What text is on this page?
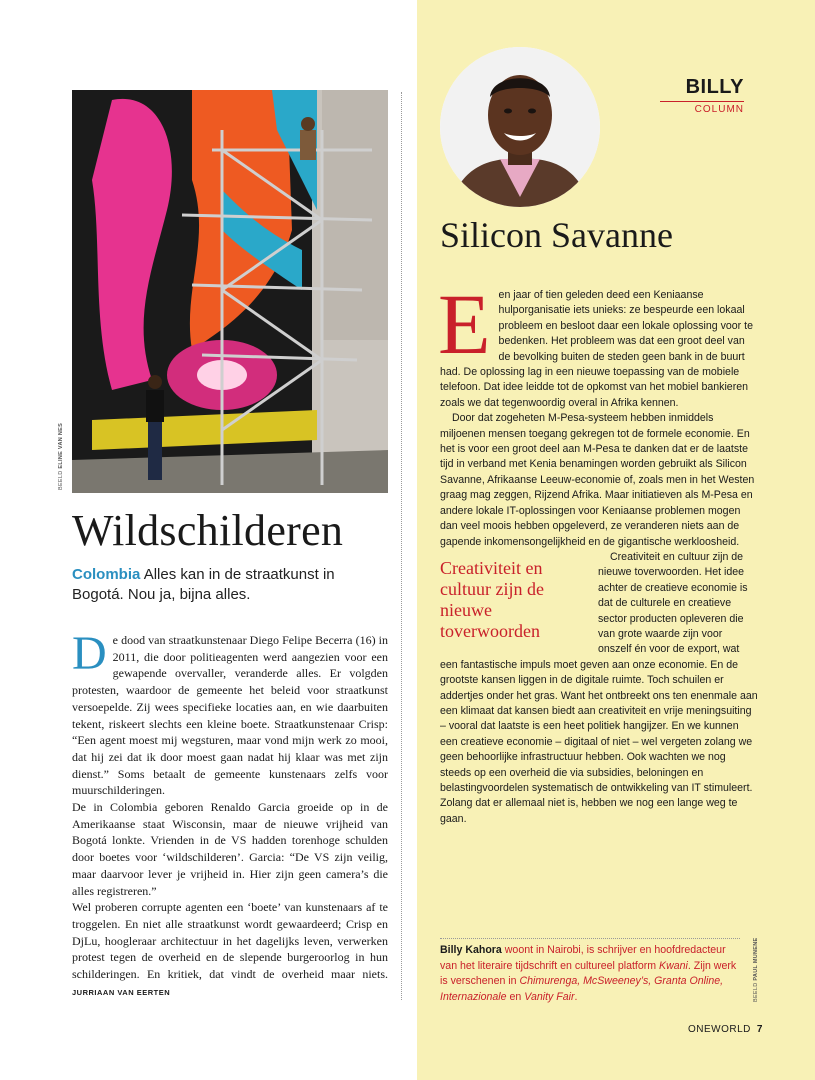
BEELD ELINE VAN NES
Wildschilderen
Colombia Alles kan in de straatkunst in Bogotá. Nou ja, bijna alles.

De dood van straatkunstenaar Diego Felipe Becerra (16) in 2011, die door politieagenten werd aangezien voor een gewapende overvaller, veranderde alles. Er volgden protesten, waardoor de gemeente het beleid voor straatkunst versoepelde. Zij wees specifieke locaties aan, en wie daarbuiten tekent, riskeert slechts een kleine boete. Straatkunstenaar Crisp: “Een agent moest mij wegsturen, maar vond mijn werk zo mooi, dat hij zei dat ik door moest gaan nadat hij klaar was met zijn dienst.” Soms betaalt de gemeente kunstenaars zelfs voor muurschilderingen.

De in Colombia geboren Renaldo Garcia groeide op in de Amerikaanse staat Wisconsin, maar de nieuwe vrijheid van Bogotá lonkte. Vrienden in de VS hadden torenhoge schulden door boetes voor ‘wildschilderen’. Garcia: “De VS zijn veilig, maar daarvoor lever je vrijheid in. Hier zijn geen camera’s die alles registreren.”

Wel proberen corrupte agenten een ‘boete’ van kunstenaars af te troggelen. En niet alle straatkunst wordt gewaardeerd; Crisp en DjLu, hoogleraar architectuur in het dagelijks leven, verwerken protest tegen de overheid en de slepende burgeroorlog in hun schilderingen. En kritiek, dat vindt de overheid maar niets. JURRIAAN VAN EERTEN

BILLY
COLUMN
Silicon Savanne

Een jaar of tien geleden deed een Keniaanse hulporganisatie iets unieks: ze bespeurde een lokaal probleem en besloot daar een lokale oplossing voor te bedenken. Het probleem was dat een groot deel van de bevolking buiten de steden geen bank in de buurt had. De oplossing lag in een nieuwe toepassing van de mobiele telefoon. Dat idee leidde tot de opkomst van het mobiel bankieren zoals we dat tegenwoordig overal in Afrika kennen.

Door dat zogeheten M-Pesa-systeem hebben inmiddels miljoenen mensen toegang gekregen tot de formele economie. En het is voor een groot deel aan M-Pesa te danken dat er de laatste tijd in verband met Kenia benamingen worden gebruikt als Silicon Savanne, Afrikaanse Leeuw-economie of, zoals men in het Westen graag mag zeggen, Rijzend Afrika. Maar initiatieven als M-Pesa en andere lokale IT-oplossingen voor Keniaanse problemen mogen dan veel moois hebben opgeleverd, ze veranderen niets aan de gapende inkomensongelijkheid en de gigantische werkloosheid.

Creativiteit en cultuur zijn de nieuwe toverwoorden
Creativiteit en cultuur zijn de nieuwe toverwoorden. Het idee achter de creatieve economie is dat de culturele en creatieve sector producten opleveren die van grote waarde zijn voor onszelf én voor de export, wat een fantastische impuls moet geven aan onze economie. En de grootste kansen liggen in de digitale ruimte. Toch schuilen er addertjes onder het gras. Want het ontbreekt ons ten enenmale aan een klimaat dat kansen biedt aan creativiteit en vrije meningsuiting – vooral dat laatste is een heet politiek hangijzer. En we kunnen een creatieve economie – digitaal of niet – wel vergeten zolang we geen behoorlijke infrastructuur hebben. Ook wachten we nog steeds op een overheid die via subsidies, beloningen en belastingvoordelen systematisch de ontwikkeling van IT stimuleert. Zolang dat er allemaal niet is, hebben we nog een lange weg te gaan.

Billy Kahora woont in Nairobi, is schrijver en hoofdredacteur van het literaire tijdschrift en cultureel platform Kwani. Zijn werk is verschenen in Chimurenga, McSweeney’s, Granta Online, Internazionale en Vanity Fair.	BEELD PAUL MUNENE
ONEWORLD 7
